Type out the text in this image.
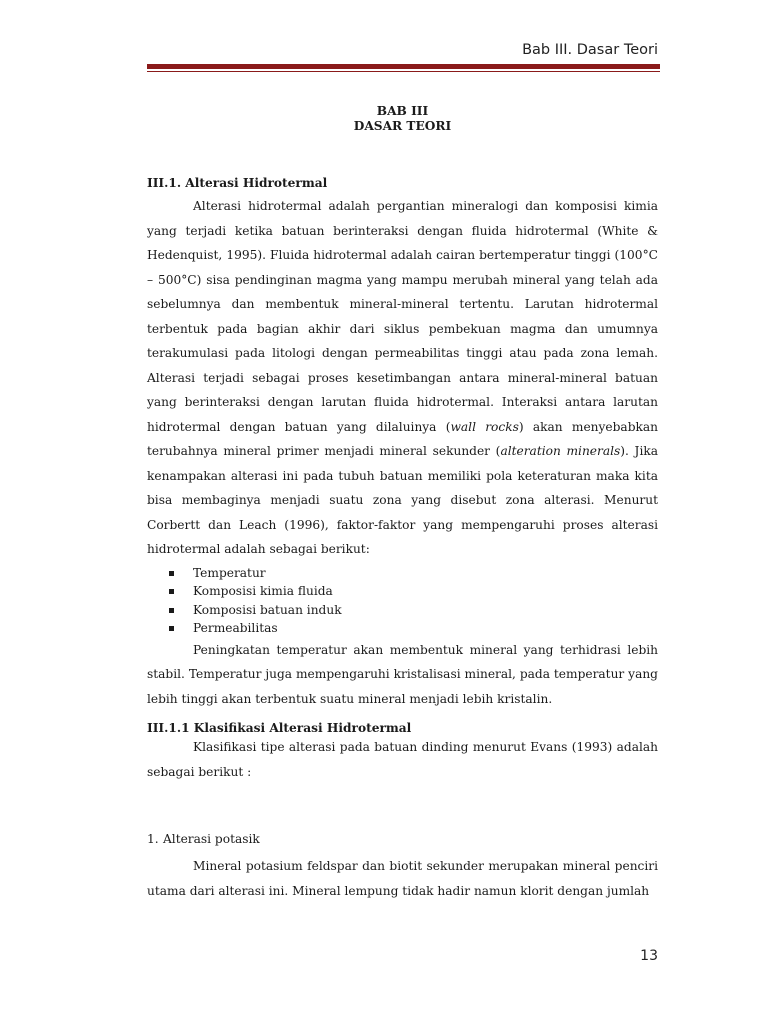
Bab III. Dasar Teori
BAB III
DASAR TEORI
III.1. Alterasi Hidrotermal

Alterasi hidrotermal adalah pergantian mineralogi dan komposisi kimia yang terjadi ketika batuan berinteraksi dengan fluida hidrotermal (White & Hedenquist, 1995). Fluida hidrotermal adalah cairan bertemperatur tinggi (100°C – 500°C) sisa pendinginan magma yang mampu merubah mineral yang telah ada sebelumnya dan membentuk mineral-mineral tertentu. Larutan hidrotermal terbentuk pada bagian akhir dari siklus pembekuan magma dan umumnya terakumulasi pada litologi dengan permeabilitas tinggi atau pada zona lemah. Alterasi terjadi sebagai proses kesetimbangan antara mineral-mineral batuan yang berinteraksi dengan larutan fluida hidrotermal. Interaksi antara larutan hidrotermal dengan batuan yang dilaluinya (wall rocks) akan menyebabkan terubahnya mineral primer menjadi mineral sekunder (alteration minerals). Jika kenampakan alterasi ini pada tubuh batuan memiliki pola keteraturan maka kita bisa membaginya menjadi suatu zona yang disebut zona alterasi. Menurut Corbertt dan Leach (1996), faktor-faktor yang mempengaruhi proses alterasi hidrotermal adalah sebagai berikut:

Temperatur
Komposisi kimia fluida
Komposisi batuan induk
Permeabilitas

Peningkatan temperatur akan membentuk mineral yang terhidrasi lebih stabil. Temperatur juga mempengaruhi kristalisasi mineral, pada temperatur yang lebih tinggi akan terbentuk suatu mineral menjadi lebih kristalin.

III.1.1 Klasifikasi Alterasi Hidrotermal

Klasifikasi tipe alterasi pada batuan dinding menurut Evans (1993) adalah sebagai berikut :

1. Alterasi potasik

Mineral potasium feldspar dan biotit sekunder merupakan mineral penciri utama dari alterasi ini. Mineral lempung tidak hadir namun klorit dengan jumlah

13
